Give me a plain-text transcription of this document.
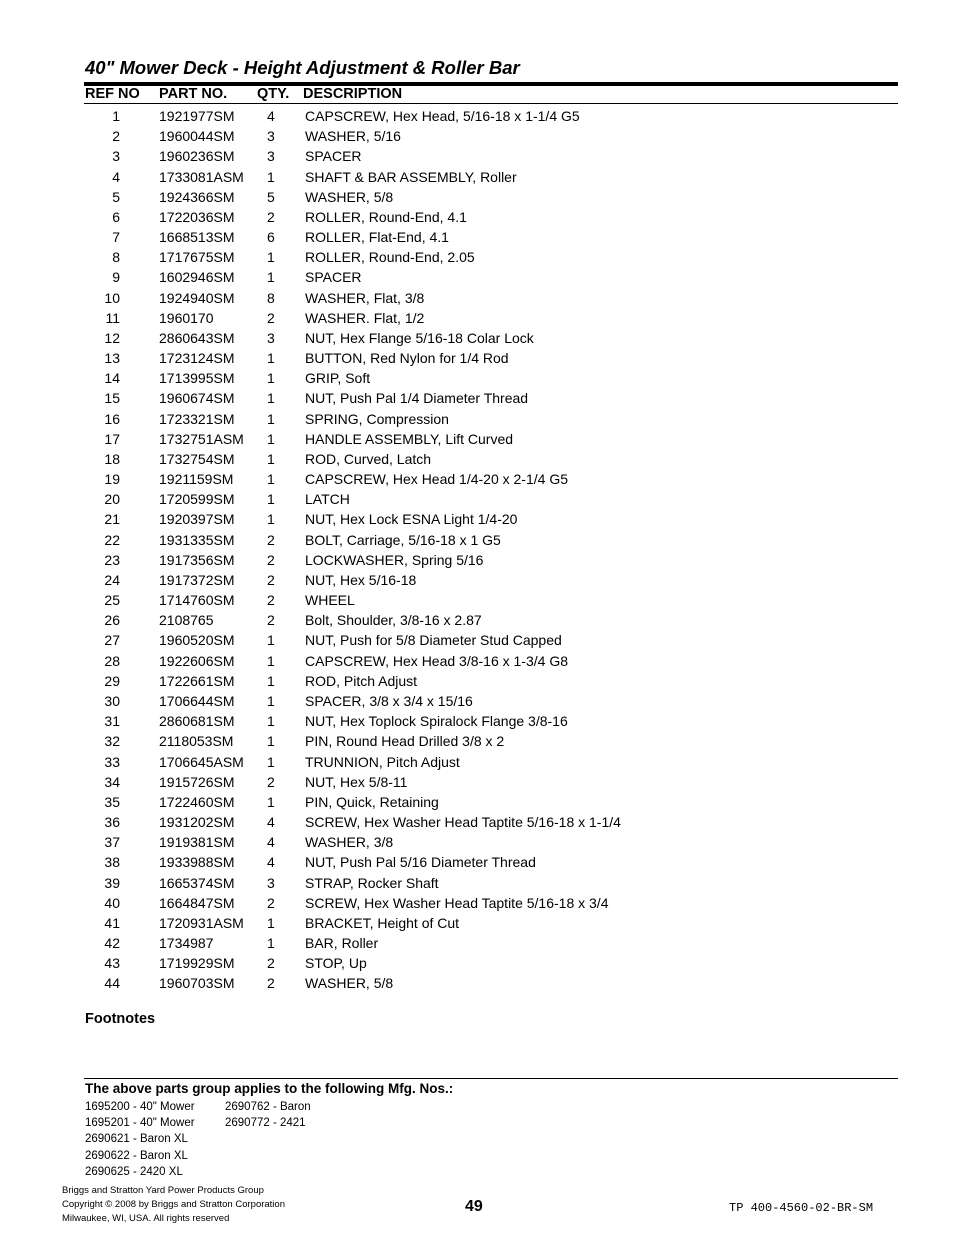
40" Mower Deck - Height Adjustment & Roller Bar
REF NO PART NO. QTY. DESCRIPTION
1	1921977SM 4 CAPSCREW, Hex Head, 5/16-18 x 1-1/4 G5
2	1960044SM 3 WASHER, 5/16
3	1960236SM 3 SPACER
4	1733081ASM 1 SHAFT & BAR ASSEMBLY, Roller
5	1924366SM 5 WASHER, 5/8
6	1722036SM 2 ROLLER, Round-End, 4.1
7	1668513SM 6 ROLLER, Flat-End, 4.1
8	1717675SM 1 ROLLER, Round-End, 2.05
9	1602946SM 1 SPACER
10	1924940SM 8 WASHER, Flat, 3/8
11	1960170	2 WASHER. Flat, 1/2
12	2860643SM 3 NUT, Hex Flange 5/16-18 Colar Lock
13	1723124SM 1 BUTTON, Red Nylon for 1/4 Rod
14	1713995SM 1 GRIP, Soft
15	1960674SM 1 NUT, Push Pal 1/4 Diameter Thread
16	1723321SM 1 SPRING, Compression
17	1732751ASM 1 HANDLE ASSEMBLY, Lift Curved
18	1732754SM 1 ROD, Curved, Latch
19	1921159SM 1 CAPSCREW, Hex Head 1/4-20 x 2-1/4 G5
20	1720599SM 1 LATCH
21	1920397SM 1 NUT, Hex Lock ESNA Light 1/4-20
22	1931335SM 2 BOLT, Carriage, 5/16-18 x 1 G5
23	1917356SM 2 LOCKWASHER, Spring 5/16
24	1917372SM 2 NUT, Hex 5/16-18
25	1714760SM 2 WHEEL
26	2108765	2 Bolt, Shoulder, 3/8-16 x 2.87
27	1960520SM 1 NUT, Push for 5/8 Diameter Stud Capped
28	1922606SM 1 CAPSCREW, Hex Head 3/8-16 x 1-3/4 G8
29	1722661SM 1 ROD, Pitch Adjust
30	1706644SM 1 SPACER, 3/8 x 3/4 x 15/16
31	2860681SM 1 NUT, Hex Toplock Spiralock Flange 3/8-16
32	2118053SM 1 PIN, Round Head Drilled 3/8 x 2
33	1706645ASM 1 TRUNNION, Pitch Adjust
34	1915726SM 2 NUT, Hex 5/8-11
35	1722460SM 1 PIN, Quick, Retaining
36	1931202SM 4 SCREW, Hex Washer Head Taptite 5/16-18 x 1-1/4
37	1919381SM 4 WASHER, 3/8
38	1933988SM 4 NUT, Push Pal 5/16 Diameter Thread
39	1665374SM 3 STRAP, Rocker Shaft
40	1664847SM 2 SCREW, Hex Washer Head Taptite 5/16-18 x 3/4
41	1720931ASM 1 BRACKET, Height of Cut
42	1734987	1 BAR, Roller
43	1719929SM 2 STOP, Up
44	1960703SM 2 WASHER, 5/8
Footnotes
The above parts group applies to the following Mfg. Nos.:
1695200 - 40" Mower
1695201 - 40" Mower
2690621 - Baron XL
2690622 - Baron XL
2690625 - 2420 XL
2690762 - Baron
2690772 - 2421
Briggs and Stratton Yard Power Products Group
Copyright © 2008 by Briggs and Stratton Corporation
Milwaukee, WI, USA. All rights reserved
49	TP 400-4560-02-BR-SM
